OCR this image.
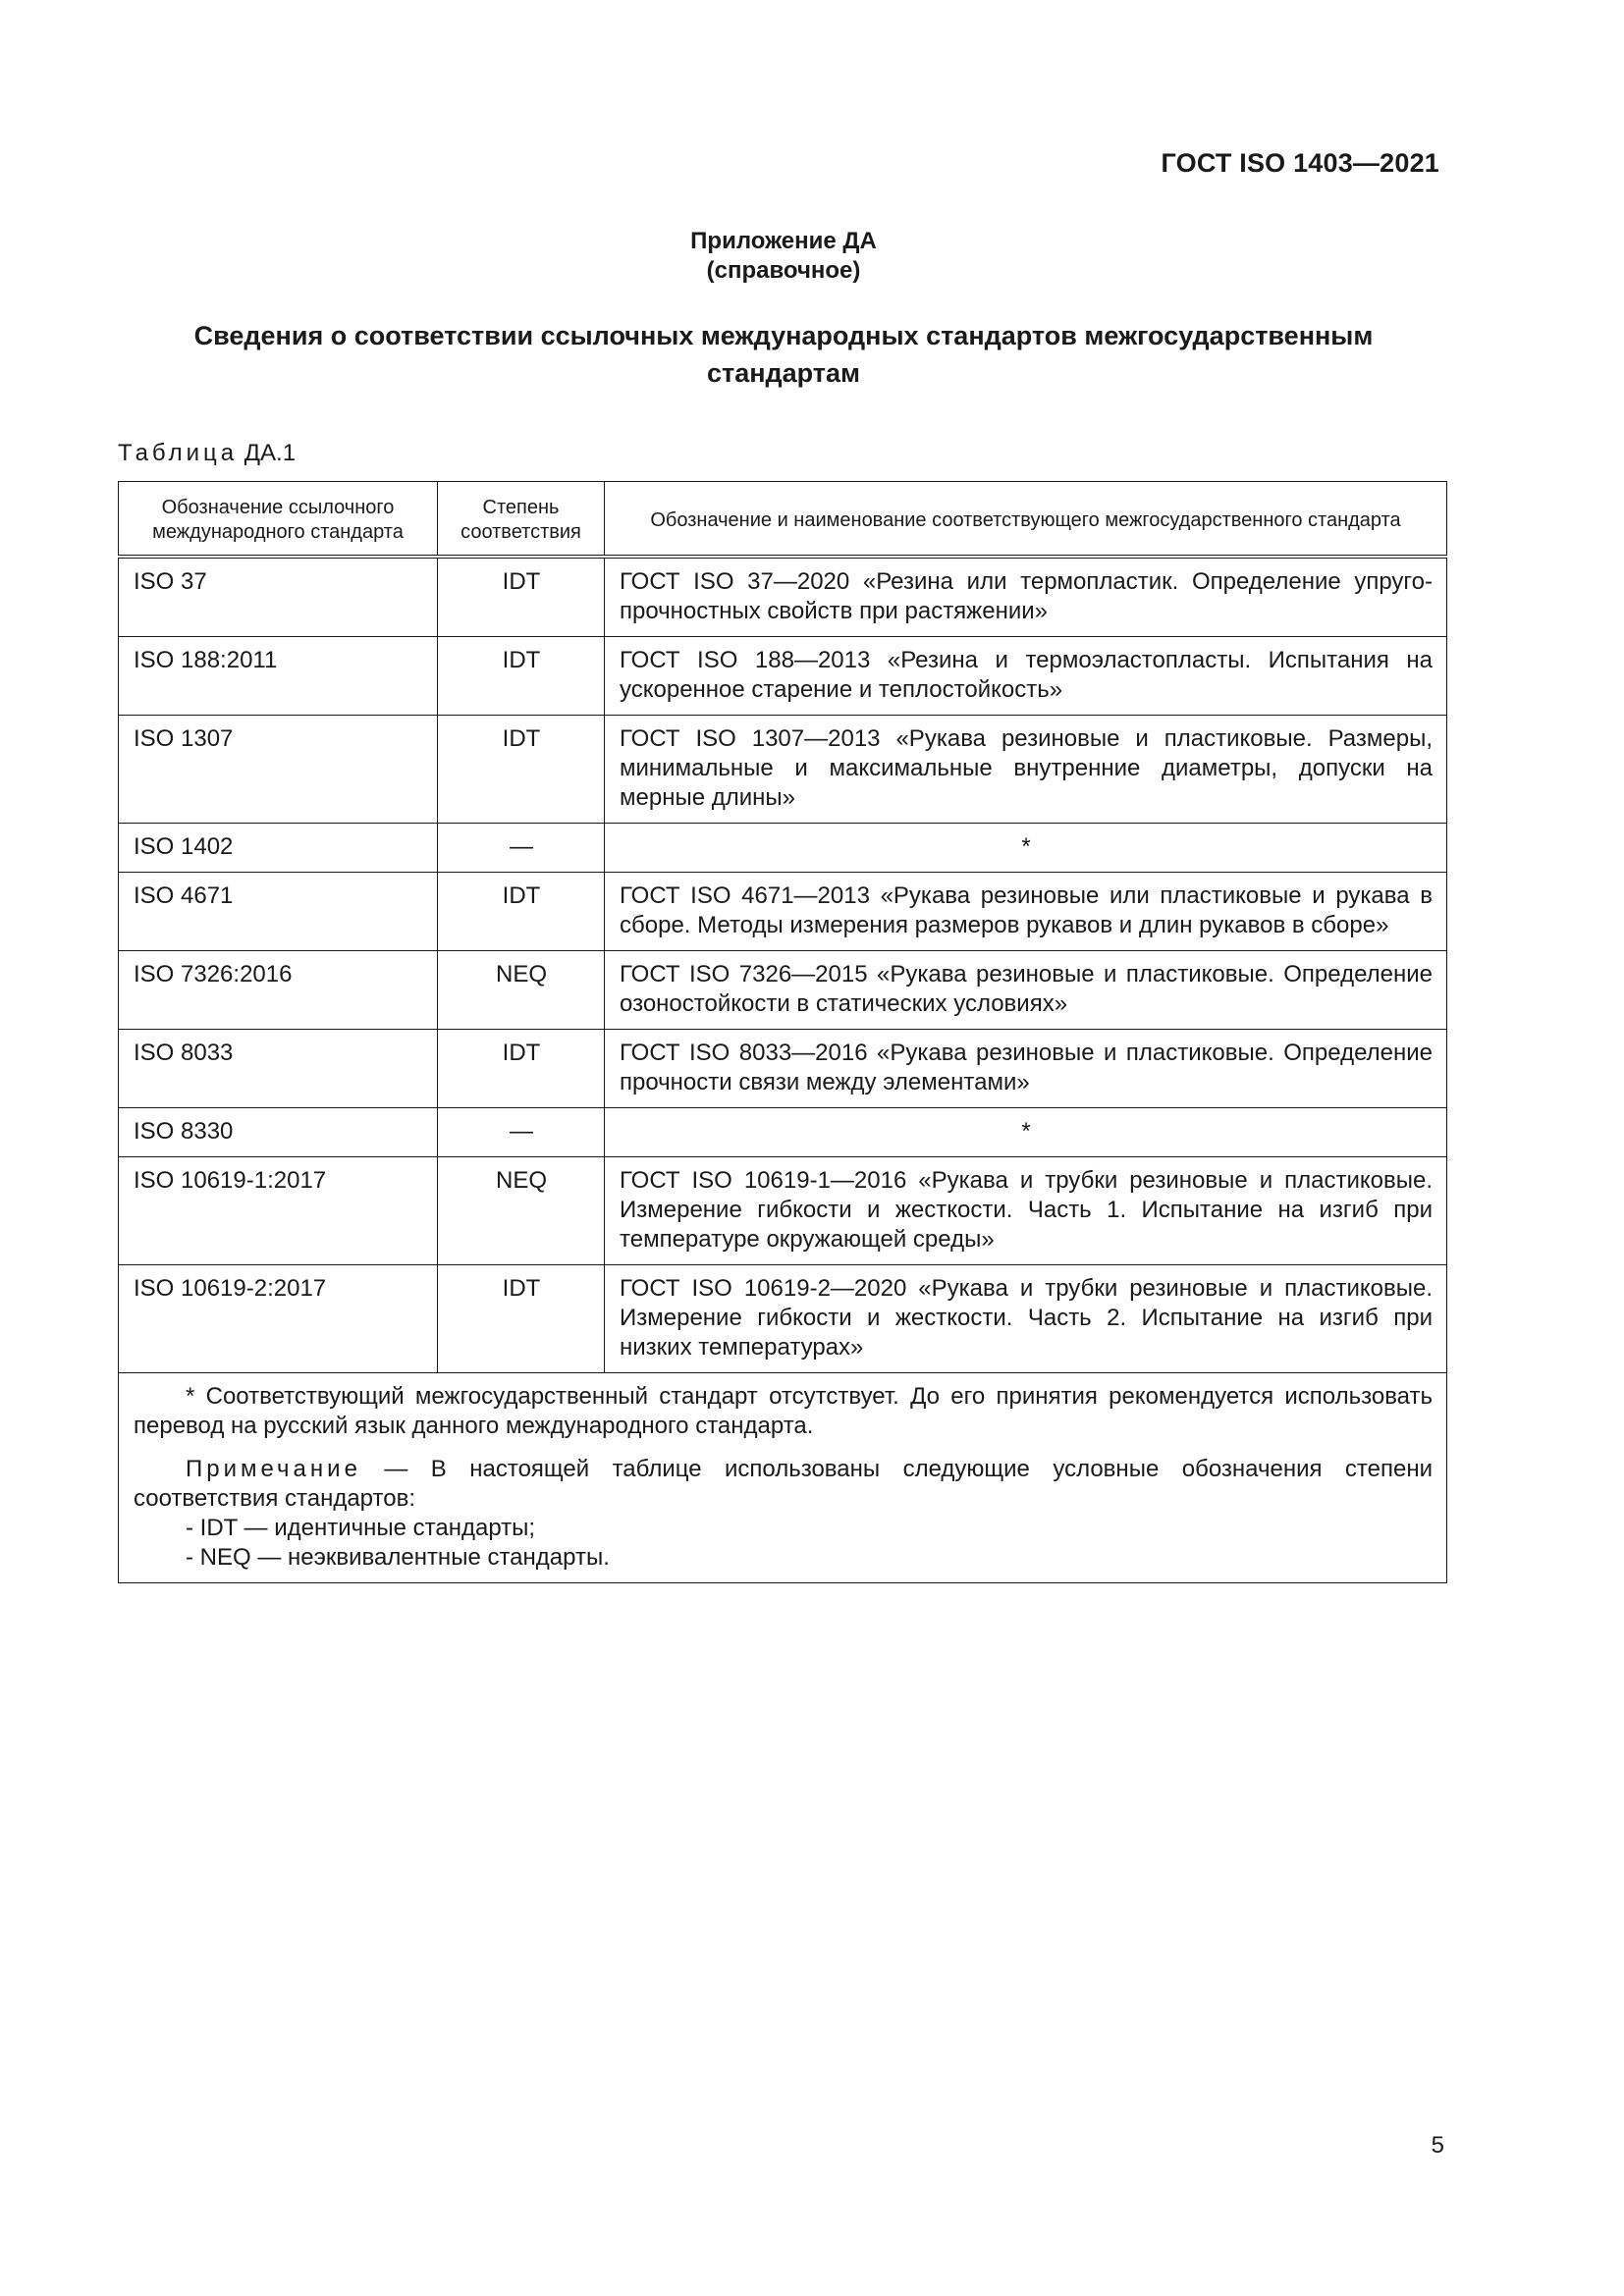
ГОСТ ISO 1403—2021
Приложение ДА
(справочное)
Сведения о соответствии ссылочных международных стандартов межгосударственным стандартам
Таблица ДА.1
Обозначение ссылочного международного стандарта	Степень соответствия	Обозначение и наименование соответствующего межгосударственного стандарта
ISO 37	IDT	ГОСТ ISO 37—2020 «Резина или термопластик. Определение упруго-прочностных свойств при растяжении»
ISO 188:2011	IDT	ГОСТ ISO 188—2013 «Резина и термоэластопласты. Испытания на ускоренное старение и теплостойкость»
ISO 1307	IDT	ГОСТ ISO 1307—2013 «Рукава резиновые и пластиковые. Размеры, минимальные и максимальные внутренние диаметры, допуски на мерные длины»
ISO 1402	—	*
ISO 4671	IDT	ГОСТ ISO 4671—2013 «Рукава резиновые или пластиковые и рукава в сборе. Методы измерения размеров рукавов и длин рукавов в сборе»
ISO 7326:2016	NEQ	ГОСТ ISO 7326—2015 «Рукава резиновые и пластиковые. Определение озоностойкости в статических условиях»
ISO 8033	IDT	ГОСТ ISO 8033—2016 «Рукава резиновые и пластиковые. Определение прочности связи между элементами»
ISO 8330	—	*
ISO 10619-1:2017	NEQ	ГОСТ ISO 10619-1—2016 «Рукава и трубки резиновые и пластиковые. Измерение гибкости и жесткости. Часть 1. Испытание на изгиб при температуре окружающей среды»
ISO 10619-2:2017	IDT	ГОСТ ISO 10619-2—2020 «Рукава и трубки резиновые и пластиковые. Измерение гибкости и жесткости. Часть 2. Испытание на изгиб при низких температурах»

* Соответствующий межгосударственный стандарт отсутствует. До его принятия рекомендуется использовать перевод на русский язык данного международного стандарта.

Примечание — В настоящей таблице использованы следующие условные обозначения степени соответствия стандартов:

- IDT — идентичные стандарты;

- NEQ — неэквивалентные стандарты.		

5
